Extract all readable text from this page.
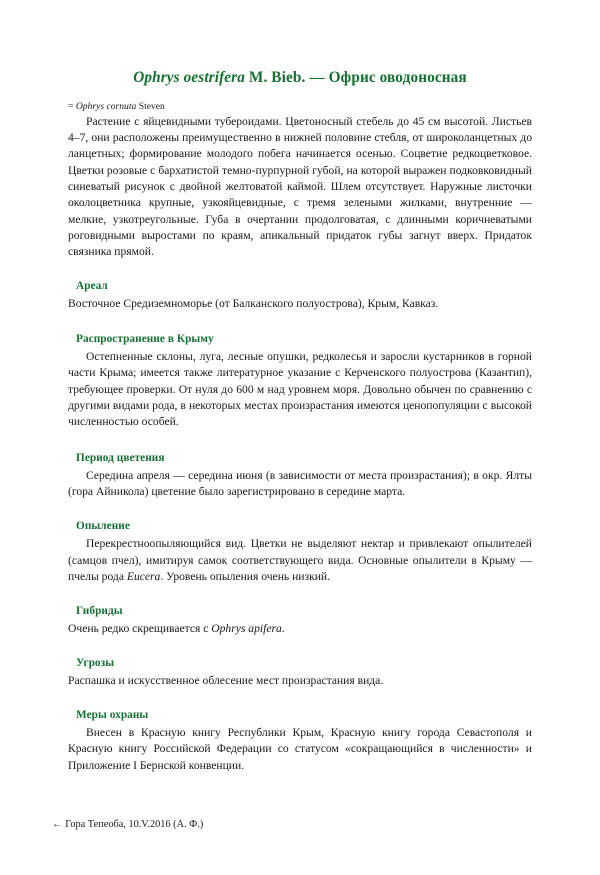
Ophrys oestrifera M. Bieb. — Офрис оводоносная
= Ophrys cornuta Steven

Растение с яйцевидными тубероидами. Цветоносный стебель до 45 см высотой. Листьев 4–7, они расположены преимущественно в нижней половине стебля, от широколанцетных до ланцетных; формирование молодого побега начинается осенью. Соцветие редкоцветковое. Цветки розовые с бархатистой темно-пурпурной губой, на которой выражен подковковидный синеватый рисунок с двойной желтоватой каймой. Шлем отсутствует. Наружные листочки околоцветника крупные, узкояйцевидные, с тремя зелеными жилками, внутренние — мелкие, узкотреугольные. Губа в очертании продолговатая, с длинными коричневатыми роговидными выростами по краям, апикальный придаток губы загнут вверх. Придаток связника прямой.

Ареал

Восточное Средиземноморье (от Балканского полуострова), Крым, Кавказ.

Распространение в Крыму

Остепненные склоны, луга, лесные опушки, редколесья и заросли кустарников в горной части Крыма; имеется также литературное указание с Керченского полуострова (Казантип), требующее проверки. От нуля до 600 м над уровнем моря. Довольно обычен по сравнению с другими видами рода, в некоторых местах произрастания имеются ценопопуляции с высокой численностью особей.

Период цветения

Середина апреля — середина июня (в зависимости от места произрастания); в окр. Ялты (гора Айникола) цветение было зарегистрировано в середине марта.

Опыление

Перекрестноопыляющийся вид. Цветки не выделяют нектар и привлекают опылителей (самцов пчел), имитируя самок соответствующего вида. Основные опылители в Крыму — пчелы рода Eucera. Уровень опыления очень низкий.

Гибриды

Очень редко скрещивается с Ophrys apifera.

Угрозы

Распашка и искусственное облесение мест произрастания вида.

Меры охраны

Внесен в Красную книгу Республики Крым, Красную книгу города Севастополя и Красную книгу Российской Федерации со статусом «сокращающийся в численности» и Приложение I Бернской конвенции.

← Гора Тепеоба, 10.V.2016 (А. Ф.)
